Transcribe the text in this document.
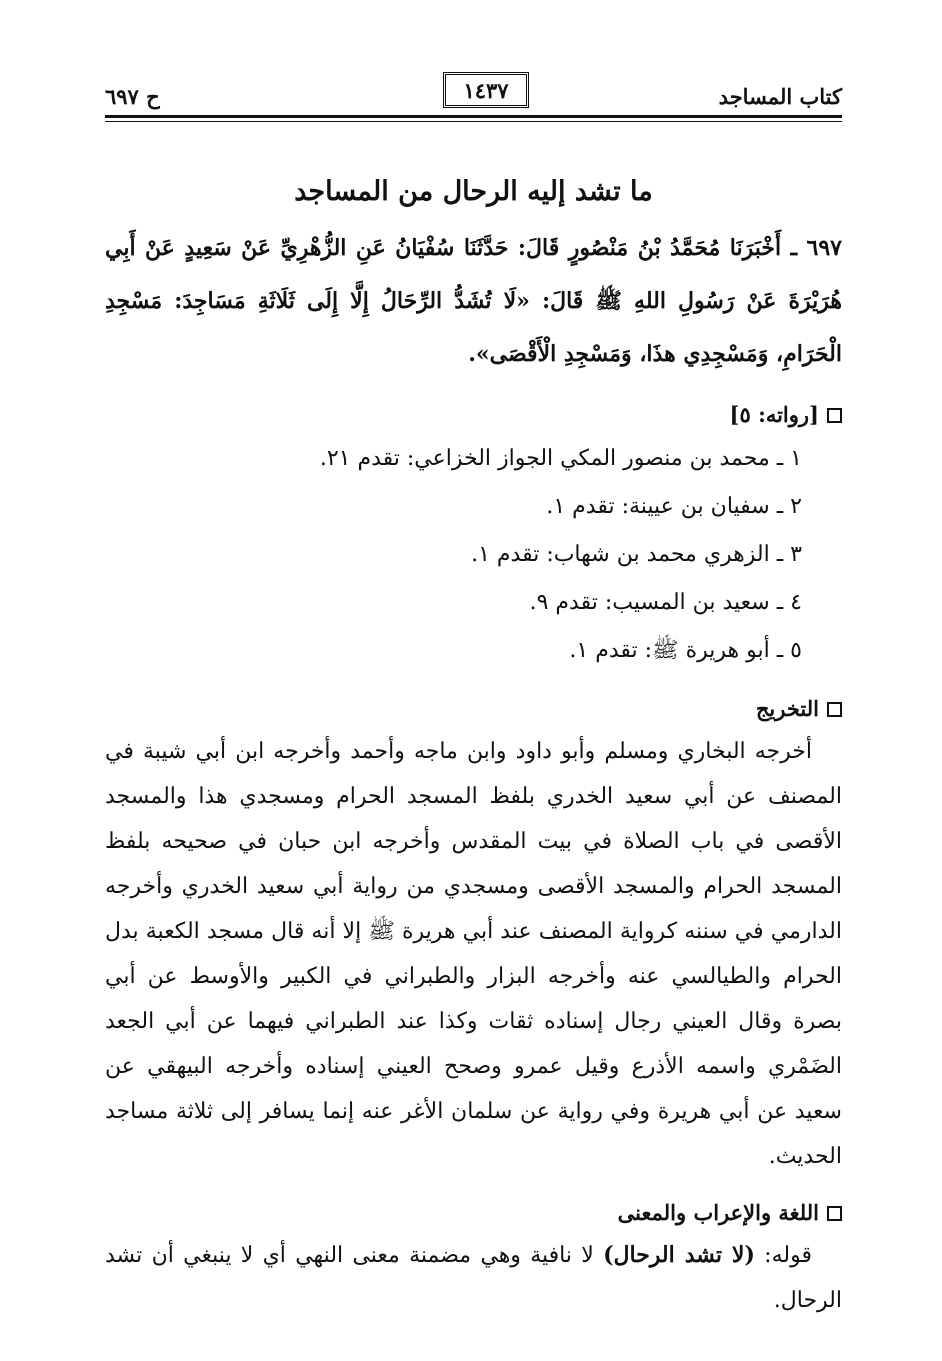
كتاب المساجد
١٤٣٧
ح ٦٩٧
ما تشد إليه الرحال من المساجد

٦٩٧ ـ أَخْبَرَنَا مُحَمَّدُ بْنُ مَنْصُورٍ قَالَ: حَدَّثَنَا سُفْيَانُ عَنِ الزُّهْرِيِّ عَنْ سَعِيدٍ عَنْ أَبِي هُرَيْرَةَ عَنْ رَسُولِ اللهِ ﷺ قَالَ: «لَا تُشَدُّ الرِّحَالُ إِلَّا إِلَى ثَلَاثَةِ مَسَاجِدَ: مَسْجِدِ الْحَرَامِ، وَمَسْجِدِي هذَا، وَمَسْجِدِ الْأَقْصَى».

[رواته: ٥]
١ ـ محمد بن منصور المكي الجواز الخزاعي: تقدم ٢١.
٢ ـ سفيان بن عيينة: تقدم ١.
٣ ـ الزهري محمد بن شهاب: تقدم ١.
٤ ـ سعيد بن المسيب: تقدم ٩.
٥ ـ أبو هريرة ﷺ: تقدم ١.
التخريج

أخرجه البخاري ومسلم وأبو داود وابن ماجه وأحمد وأخرجه ابن أبي شيبة في المصنف عن أبي سعيد الخدري بلفظ المسجد الحرام ومسجدي هذا والمسجد الأقصى في باب الصلاة في بيت المقدس وأخرجه ابن حبان في صحيحه بلفظ المسجد الحرام والمسجد الأقصى ومسجدي من رواية أبي سعيد الخدري وأخرجه الدارمي في سننه كرواية المصنف عند أبي هريرة ﷺ إلا أنه قال مسجد الكعبة بدل الحرام والطيالسي عنه وأخرجه البزار والطبراني في الكبير والأوسط عن أبي بصرة وقال العيني رجال إسناده ثقات وكذا عند الطبراني فيهما عن أبي الجعد الضَمْري واسمه الأذرع وقيل عمرو وصحح العيني إسناده وأخرجه البيهقي عن سعيد عن أبي هريرة وفي رواية عن سلمان الأغر عنه إنما يسافر إلى ثلاثة مساجد الحديث.

اللغة والإعراب والمعنى

قوله: (لا تشد الرحال) لا نافية وهي مضمنة معنى النهي أي لا ينبغي أن تشد الرحال.
